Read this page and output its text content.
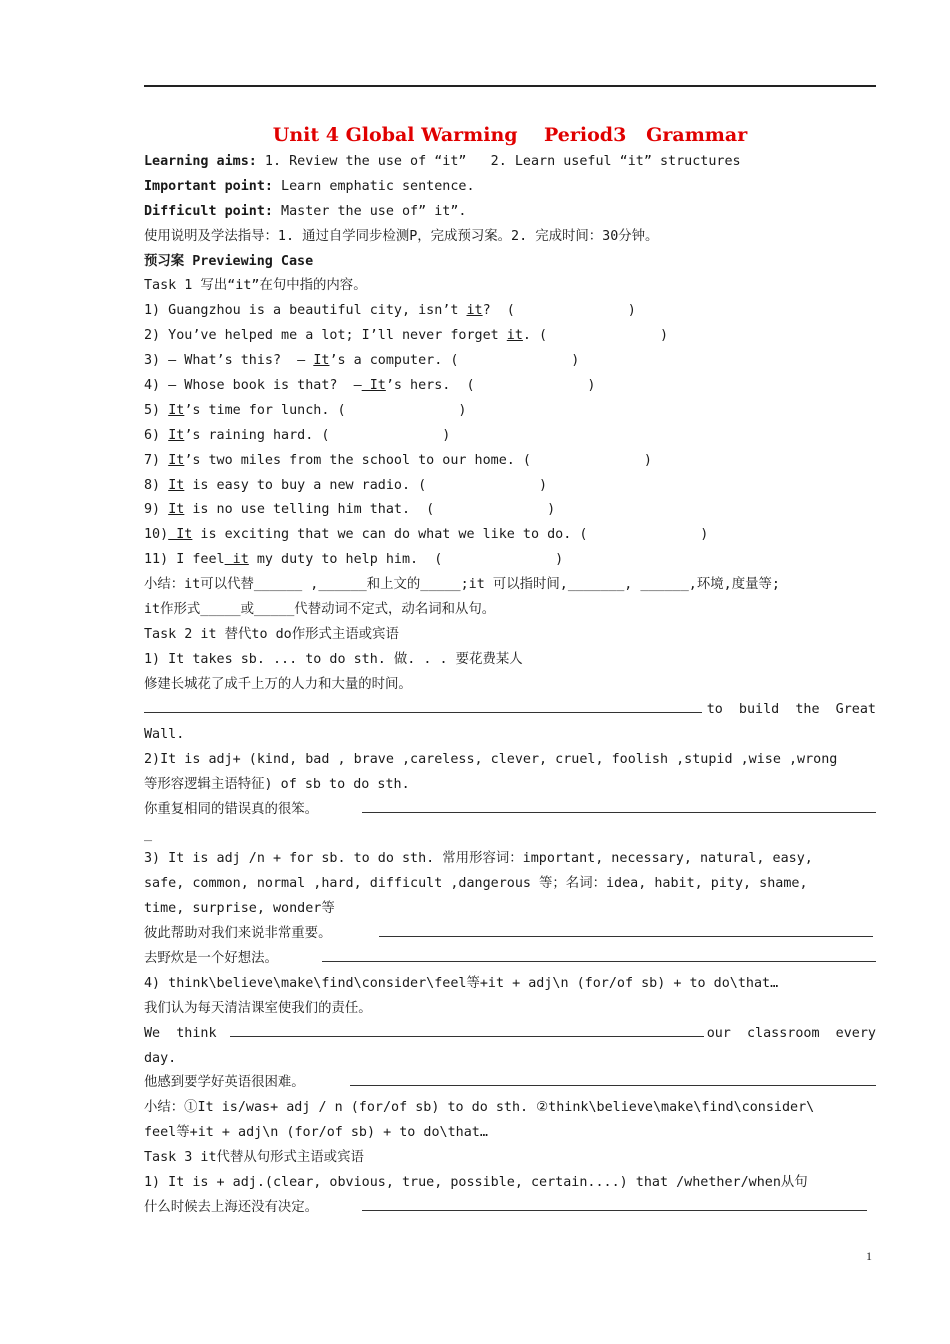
Unit 4 Global Warming    Period3   Grammar
Learning aims: 1. Review the use of “it”   2. Learn useful “it” structures
Important point: Learn emphatic sentence.
Difficult point: Master the use of” it”.
使用说明及学法指导：1. 通过自学同步检测P，完成预习案。2. 完成时间：30分钟。
预习案 Previewing Case
Task 1 写出“it”在句中指的内容。
1) Guangzhou is a beautiful city, isn’t it?  (              )
2) You’ve helped me a lot; I’ll never forget it. (              )
3) — What’s this?  — It’s a computer. (              )
4) — Whose book is that?  — It’s hers.  (              )
5) It’s time for lunch. (              )
6) It’s raining hard. (              )
7) It’s two miles from the school to our home. (              )
8) It is easy to buy a new radio. (              )
9) It is no use telling him that.  (              )
10) It is exciting that we can do what we like to do. (              )
11) I feel it my duty to help him.  (              )
小结：it可以代替______ ,______和上文的_____;it 可以指时间,_______, ______,环境,度量等;
it作形式_____或_____代替动词不定式，动名词和从句。
Task 2 it 替代to do作形式主语或宾语
1) It takes sb. ... to do sth. 做. . . 要花费某人
修建长城花了成千上万的人力和大量的时间。
to  build  the  Great
Wall.
2)It is adj+ (kind, bad , brave ,careless, clever, cruel, foolish ,stupid ,wise ,wrong
等形容逻辑主语特征) of sb to do sth.
你重复相同的错误真的很笨。
_
3) It is adj /n + for sb. to do sth. 常用形容词：important, necessary, natural, easy,
safe, common, normal ,hard, difficult ,dangerous 等；名词：idea, habit, pity, shame,
time, surprise, wonder等
彼此帮助对我们来说非常重要。
去野炊是一个好想法。
4) think\believe\make\find\consider\feel等+it + adj\n (for/of sb) + to do\that…
我们认为每天清洁课室使我们的责任。
We  think	our  classroom  every
day.
他感到要学好英语很困难。
小结：①It is/was+ adj / n (for/of sb) to do sth. ②think\believe\make\find\consider\
feel等+it + adj\n (for/of sb) + to do\that…
Task 3 it代替从句形式主语或宾语
1) It is + adj.(clear, obvious, true, possible, certain....) that /whether/when从句
什么时候去上海还没有决定。
1
